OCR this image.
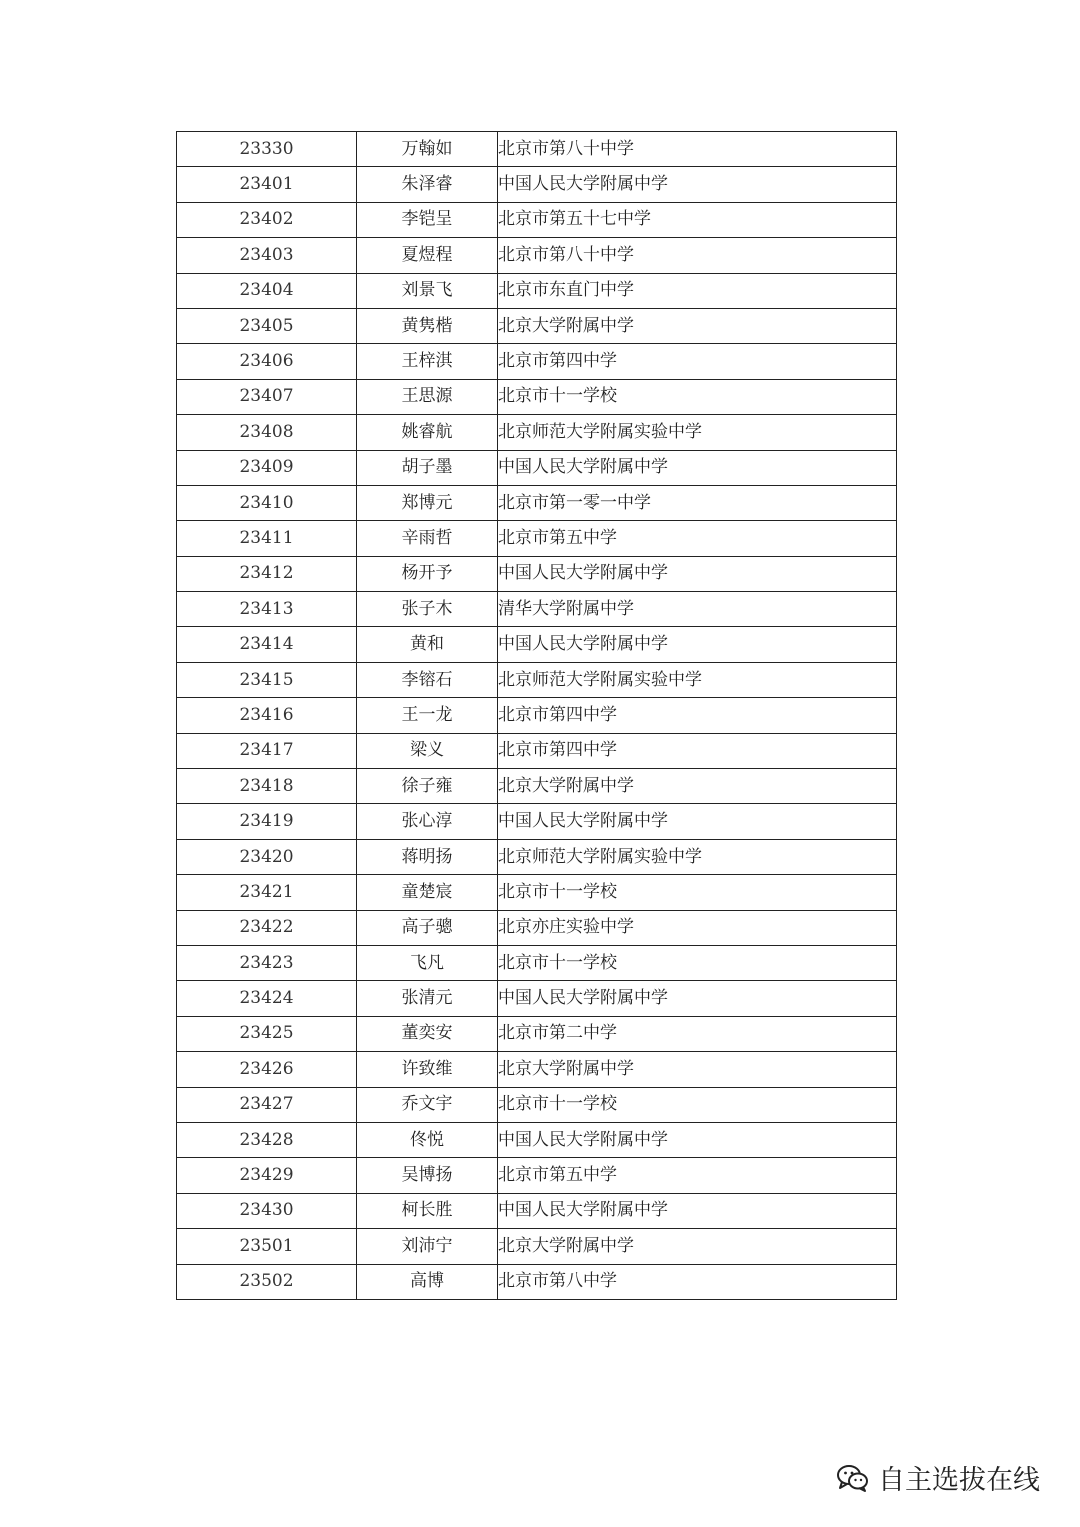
23330	万翰如	北京市第八十中学
23401	朱泽睿	中国人民大学附属中学
23402	李铠呈	北京市第五十七中学
23403	夏煜程	北京市第八十中学
23404	刘景飞	北京市东直门中学
23405	黄隽楷	北京大学附属中学
23406	王梓淇	北京市第四中学
23407	王思源	北京市十一学校
23408	姚睿航	北京师范大学附属实验中学
23409	胡子墨	中国人民大学附属中学
23410	郑博元	北京市第一零一中学
23411	辛雨哲	北京市第五中学
23412	杨开予	中国人民大学附属中学
23413	张子木	清华大学附属中学
23414	黄和	中国人民大学附属中学
23415	李镕石	北京师范大学附属实验中学
23416	王一龙	北京市第四中学
23417	梁义	北京市第四中学
23418	徐子雍	北京大学附属中学
23419	张心淳	中国人民大学附属中学
23420	蒋明扬	北京师范大学附属实验中学
23421	童楚宸	北京市十一学校
23422	高子骢	北京亦庄实验中学
23423	飞凡	北京市十一学校
23424	张清元	中国人民大学附属中学
23425	董奕安	北京市第二中学
23426	许致维	北京大学附属中学
23427	乔文宇	北京市十一学校
23428	佟悦	中国人民大学附属中学
23429	吴博扬	北京市第五中学
23430	柯长胜	中国人民大学附属中学
23501	刘沛宁	北京大学附属中学
23502	高博	北京市第八中学
自主选拔在线
